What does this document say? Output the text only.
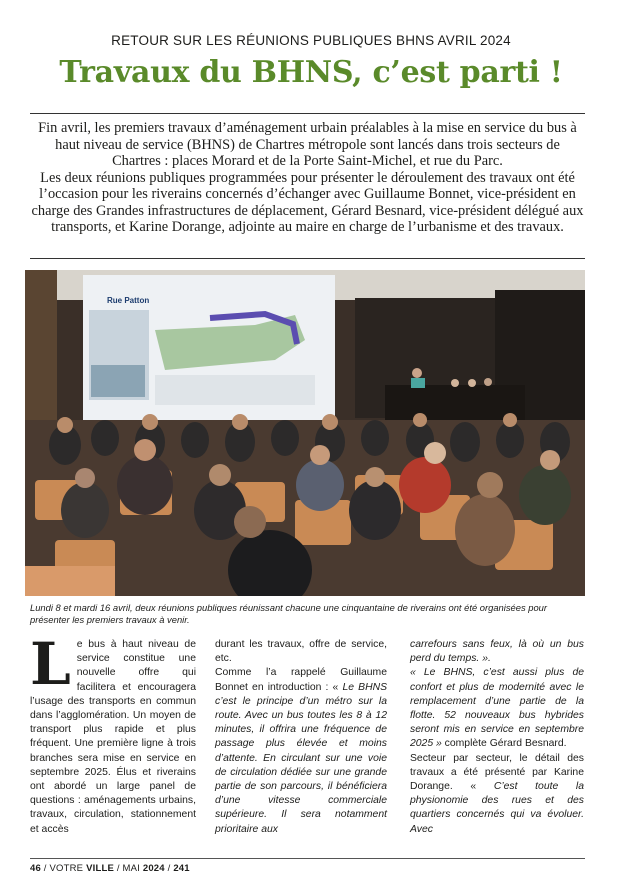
RETOUR SUR LES RÉUNIONS PUBLIQUES BHNS AVRIL 2024
Travaux du BHNS, c’est parti !

Fin avril, les premiers travaux d’aménagement urbain préalables à la mise en service du bus à haut niveau de service (BHNS) de Chartres métropole sont lancés dans trois secteurs de Chartres : places Morard et de la Porte Saint-Michel, et rue du Parc.

Les deux réunions publiques programmées pour présenter le déroulement des travaux ont été l’occasion pour les riverains concernés d’échanger avec Guillaume Bonnet, vice-président en charge des Grandes infrastructures de déplacement, Gérard Besnard, vice-président délégué aux transports, et Karine Dorange, adjointe au maire en charge de l’urbanisme et des travaux.

Rue Patton
Lundi 8 et mardi 16 avril, deux réunions publiques réunissant chacune une cinquantaine de riverains ont été organisées pour présenter les premiers travaux à venir.
L e bus à haut niveau de service constitue une nouvelle offre qui facilitera et encouragera l’usage des transports en commun dans l’agglomération. Un moyen de transport plus rapide et plus fréquent. Une première ligne à trois branches sera mise en service en septembre 2025. Élus et riverains ont abordé un large panel de questions : aménagements urbains, travaux, circulation, stationnement et accès

durant les travaux, offre de service, etc.

Comme l’a rappelé Guillaume Bonnet en introduction : « Le BHNS c’est le principe d’un métro sur la route. Avec un bus toutes les 8 à 12 minutes, il offrira une fréquence de passage plus élevée et moins d’attente. En circulant sur une voie de circulation dédiée sur une grande partie de son parcours, il bénéficiera d’une vitesse commerciale supérieure. Il sera notamment prioritaire aux

carrefours sans feux, là où un bus perd du temps. ».

« Le BHNS, c’est aussi plus de confort et plus de modernité avec le remplacement d’une partie de la flotte. 52 nouveaux bus hybrides seront mis en service en septembre 2025 » complète Gérard Besnard.

Secteur par secteur, le détail des travaux a été présenté par Karine Dorange. « C’est toute la physionomie des rues et des quartiers concernés qui va évoluer. Avec

46 / VOTRE VILLE / MAI 2024 / 241
